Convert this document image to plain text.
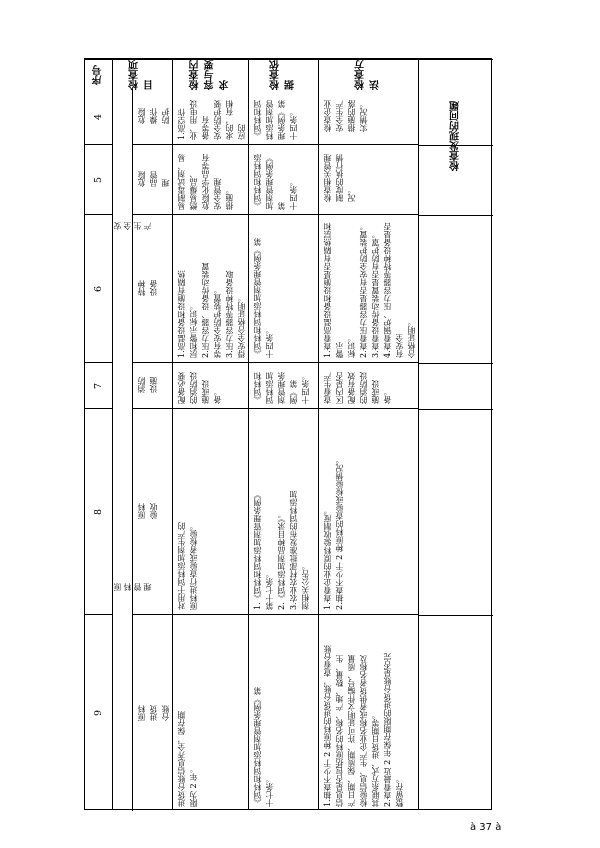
序号
4
5
6
7
8
9
检查项目
安
全
生
产
原
料
管
理
危险
操作
防护
危险
品管
理
特种
设备
消防
设施
原料
验收
原料
进货
台账
检查内容与要求
1.高空作业、用电设备等有
安全防护要求的，有相应的

易制毒试剂、易燃易爆品、
危险化学品等有安全管理
措施。
1.高温设备和设施有隔热
层和警示标识。
2.压力容器、设备传动装置
等有安全防护装置。
3.压力容器等特种设备取
得安全合格证明。
配备必要的消防设施或设
备。
对用于饲料添加剂生产的
原料进行查验或者检验。
进货台账信息齐全，保存期
限为 2 年。
检查依据
《饲料和饲料添加剂管理条例》第
十四条。
《饲料和饲料添加剂管理条例》第
十四条。
《饲料和饲料添加剂管理条例》第
十四条。
《饲料和饲料添加剂管理条例》第
十四条。
1.《饲料和饲料添加剂管理条例》
第十七条。
2.《饲料添加剂品种目录》。
3.农业农村部批准发布的饲料添加
剂相关公告。
《饲料和饲料添加剂管理条例》第
十七条。
检查方法
检查企业安全生产措施的落实情况。
检查相关管理制度的执行情况。
1.查看高温设备和设施是否有隔热层和警示
标识。
2.查看压力容器是否有安全防护装置。
3.查看设备传动装置是否有防护罩。
4.查看锅炉、压力容器等特种设备是否有安全
合格证明。
查看生产区内是否配备有效的消防设施或设
备。
1.查看企业的原料验收制度。
2.抽查不少于 2 种原料的查验或检验情况。
1.抽查不少于 2 种原料的进货台账，查看台账
信息是否包括原料的名称、产地、数量、生
产日期、保质期、许可证明文件编号、质量
检验信息、生产企业名称或者供货者名称及
其联系方式、进货日期等。
2.查看最近 2 年保存期限的进货台账是否完
整留存。
检查发现的问题
à 37 à
